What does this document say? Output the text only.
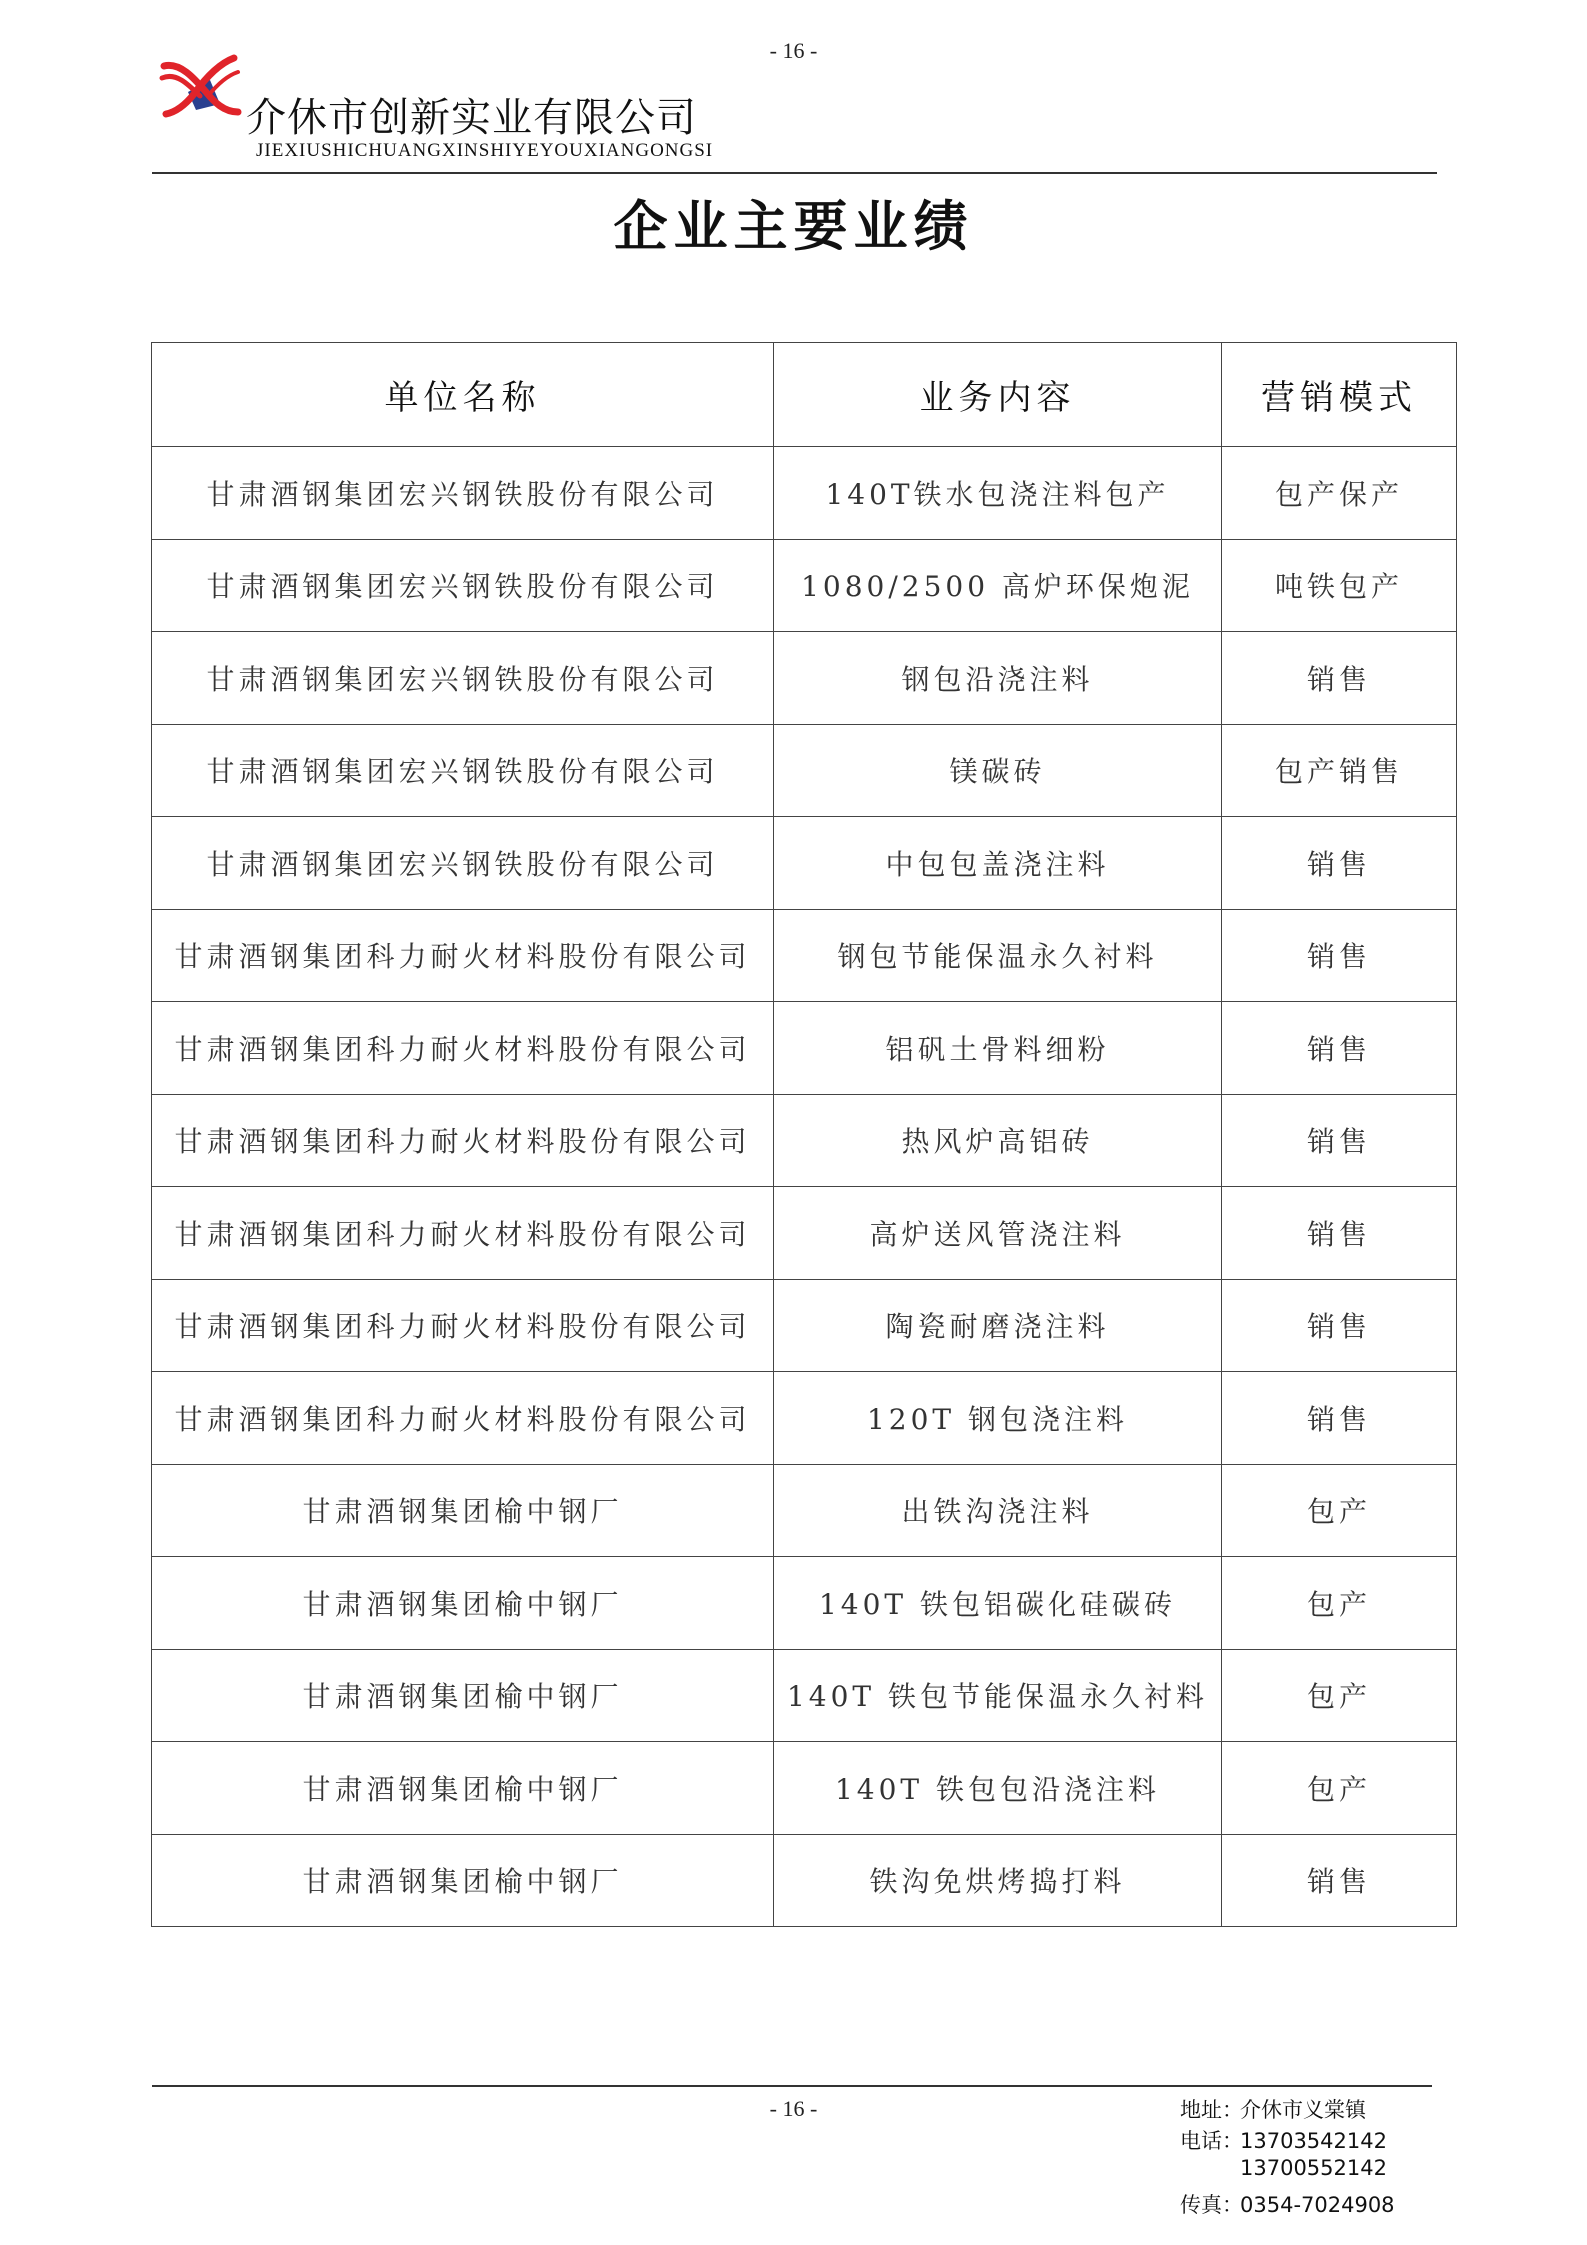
- 16 -
介休市创新实业有限公司
JIEXIUSHICHUANGXINSHIYEYOUXIANGONGSI
企业主要业绩
单位名称	业务内容	营销模式
甘肃酒钢集团宏兴钢铁股份有限公司	140T铁水包浇注料包产	包产保产
甘肃酒钢集团宏兴钢铁股份有限公司	1080/2500 高炉环保炮泥	吨铁包产
甘肃酒钢集团宏兴钢铁股份有限公司	钢包沿浇注料	销售
甘肃酒钢集团宏兴钢铁股份有限公司	镁碳砖	包产销售
甘肃酒钢集团宏兴钢铁股份有限公司	中包包盖浇注料	销售
甘肃酒钢集团科力耐火材料股份有限公司	钢包节能保温永久衬料	销售
甘肃酒钢集团科力耐火材料股份有限公司	铝矾土骨料细粉	销售
甘肃酒钢集团科力耐火材料股份有限公司	热风炉高铝砖	销售
甘肃酒钢集团科力耐火材料股份有限公司	高炉送风管浇注料	销售
甘肃酒钢集团科力耐火材料股份有限公司	陶瓷耐磨浇注料	销售
甘肃酒钢集团科力耐火材料股份有限公司	120T 钢包浇注料	销售
甘肃酒钢集团榆中钢厂	出铁沟浇注料	包产
甘肃酒钢集团榆中钢厂	140T 铁包铝碳化硅碳砖	包产
甘肃酒钢集团榆中钢厂	140T 铁包节能保温永久衬料	包产
甘肃酒钢集团榆中钢厂	140T 铁包包沿浇注料	包产
甘肃酒钢集团榆中钢厂	铁沟免烘烤捣打料	销售
- 16 -	地址：介休市义棠镇
电话：13703542142
13700552142
传真：0354-7024908
